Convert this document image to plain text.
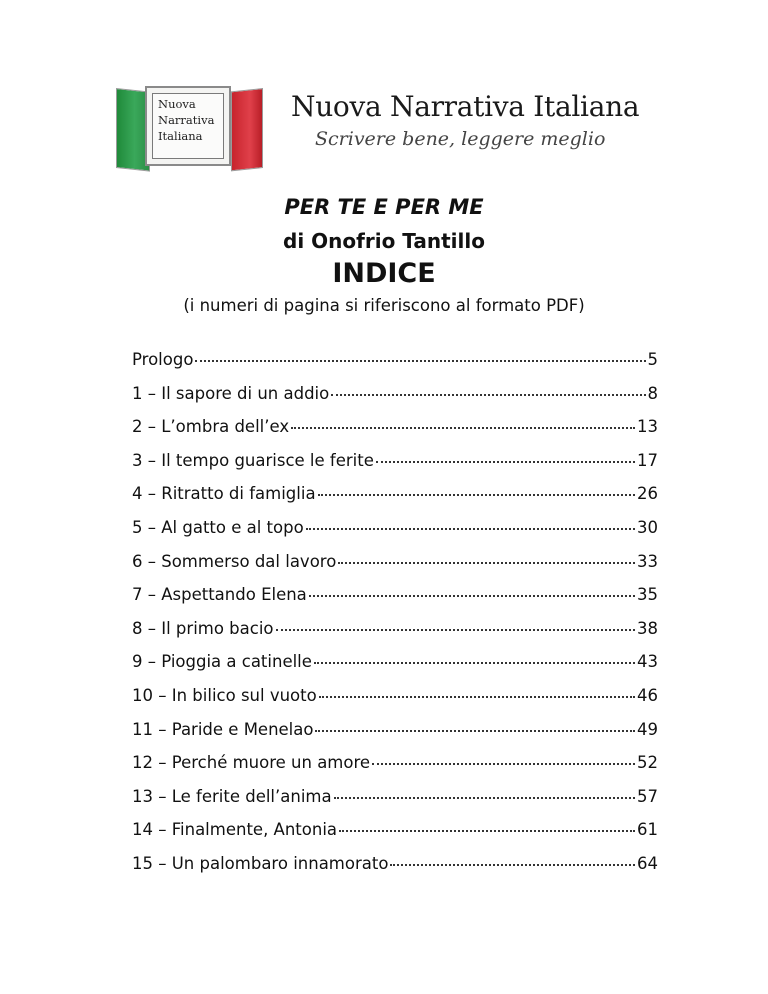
Nuova
Narrativa
Italiana
Nuova Narrativa Italiana
Scrivere bene, leggere meglio
PER TE E PER ME
di Onofrio Tantillo
INDICE
(i numeri di pagina si riferiscono al formato PDF)
Prologo	5
1 – Il sapore di un addio	8
2 – L’ombra dell’ex	13
3 – Il tempo guarisce le ferite	17
4 – Ritratto di famiglia	26
5 – Al gatto e al topo	30
6 – Sommerso dal lavoro	33
7 – Aspettando Elena	35
8 – Il primo bacio	38
9 – Pioggia a catinelle	43
10 – In bilico sul vuoto	46
11 – Paride e Menelao	49
12 – Perché muore un amore	52
13 – Le ferite dell’anima	57
14 – Finalmente, Antonia	61
15 – Un palombaro innamorato	64
